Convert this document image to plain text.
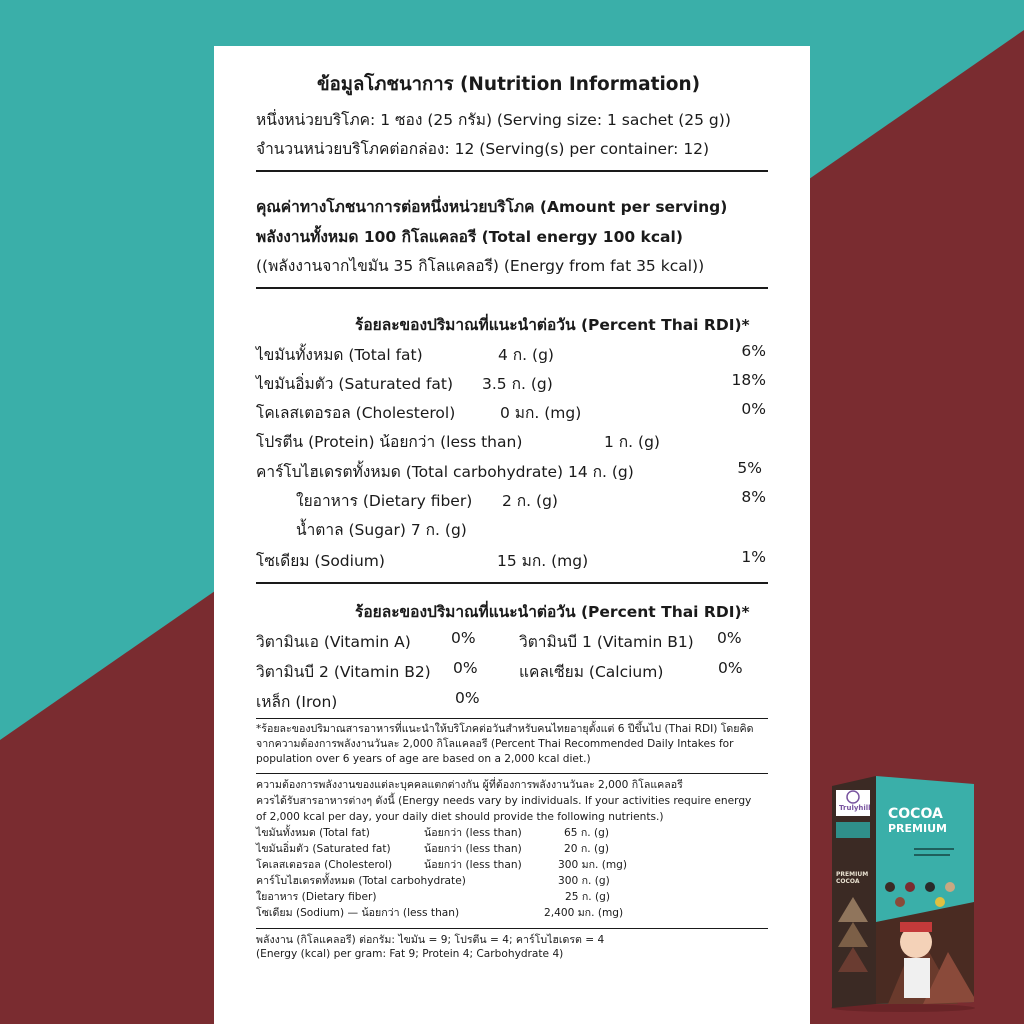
ข้อมูลโภชนาการ (Nutrition Information)
หนึ่งหน่วยบริโภค: 1 ซอง (25 กรัม) (Serving size: 1 sachet (25 g))
จำนวนหน่วยบริโภคต่อกล่อง: 12 (Serving(s) per container: 12)
คุณค่าทางโภชนาการต่อหนึ่งหน่วยบริโภค (Amount per serving)
พลังงานทั้งหมด 100 กิโลแคลอรี (Total energy 100 kcal)
((พลังงานจากไขมัน 35 กิโลแคลอรี) (Energy from fat 35 kcal))
ร้อยละของปริมาณที่แนะนำต่อวัน (Percent Thai RDI)*
ไขมันทั้งหมด (Total fat)	4 ก. (g)	6%
ไขมันอิ่มตัว (Saturated fat) 3.5 ก. (g)	18%
โคเลสเตอรอล (Cholesterol)	0 มก. (mg)	0%
โปรตีน (Protein) น้อยกว่า (less than)	1 ก. (g)
คาร์โบไฮเดรตทั้งหมด (Total carbohydrate) 14 ก. (g)	5%
ใยอาหาร (Dietary fiber) 2 ก. (g)	8%
น้ำตาล (Sugar) 7 ก. (g)
โซเดียม (Sodium)	15 มก. (mg)	1%
ร้อยละของปริมาณที่แนะนำต่อวัน (Percent Thai RDI)*
วิตามินเอ (Vitamin A)	0%	วิตามินบี 1 (Vitamin B1) 0%
วิตามินบี 2 (Vitamin B2) 0%	แคลเซียม (Calcium)	0%
เหล็ก (Iron)	0%
*ร้อยละของปริมาณสารอาหารที่แนะนำให้บริโภคต่อวันสำหรับคนไทยอายุตั้งแต่ 6 ปีขึ้นไป (Thai RDI) โดยคิด
จากความต้องการพลังงานวันละ 2,000 กิโลแคลอรี (Percent Thai Recommended Daily Intakes for
population over 6 years of age are based on a 2,000 kcal diet.)
ความต้องการพลังงานของแต่ละบุคคลแตกต่างกัน ผู้ที่ต้องการพลังงานวันละ 2,000 กิโลแคลอรี
ควรได้รับสารอาหารต่างๆ ดังนี้ (Energy needs vary by individuals. If your activities require energy
of 2,000 kcal per day, your daily diet should provide the following nutrients.)
ไขมันทั้งหมด (Total fat)	น้อยกว่า (less than)	65 ก. (g)
ไขมันอิ่มตัว (Saturated fat)	น้อยกว่า (less than)	20 ก. (g)
โคเลสเตอรอล (Cholesterol)	น้อยกว่า (less than)	300 มก. (mg)
คาร์โบไฮเดรตทั้งหมด (Total carbohydrate)	300 ก. (g)
ใยอาหาร (Dietary fiber)	25 ก. (g)
โซเดียม (Sodium) — น้อยกว่า (less than)	2,400 มก. (mg)
พลังงาน (กิโลแคลอรี) ต่อกรัม: ไขมัน = 9; โปรตีน = 4; คาร์โบไฮเดรต = 4
(Energy (kcal) per gram: Fat 9; Protein 4; Carbohydrate 4)
Trulyhill COCOA
PREMIUM
PREMIUM COCOA
